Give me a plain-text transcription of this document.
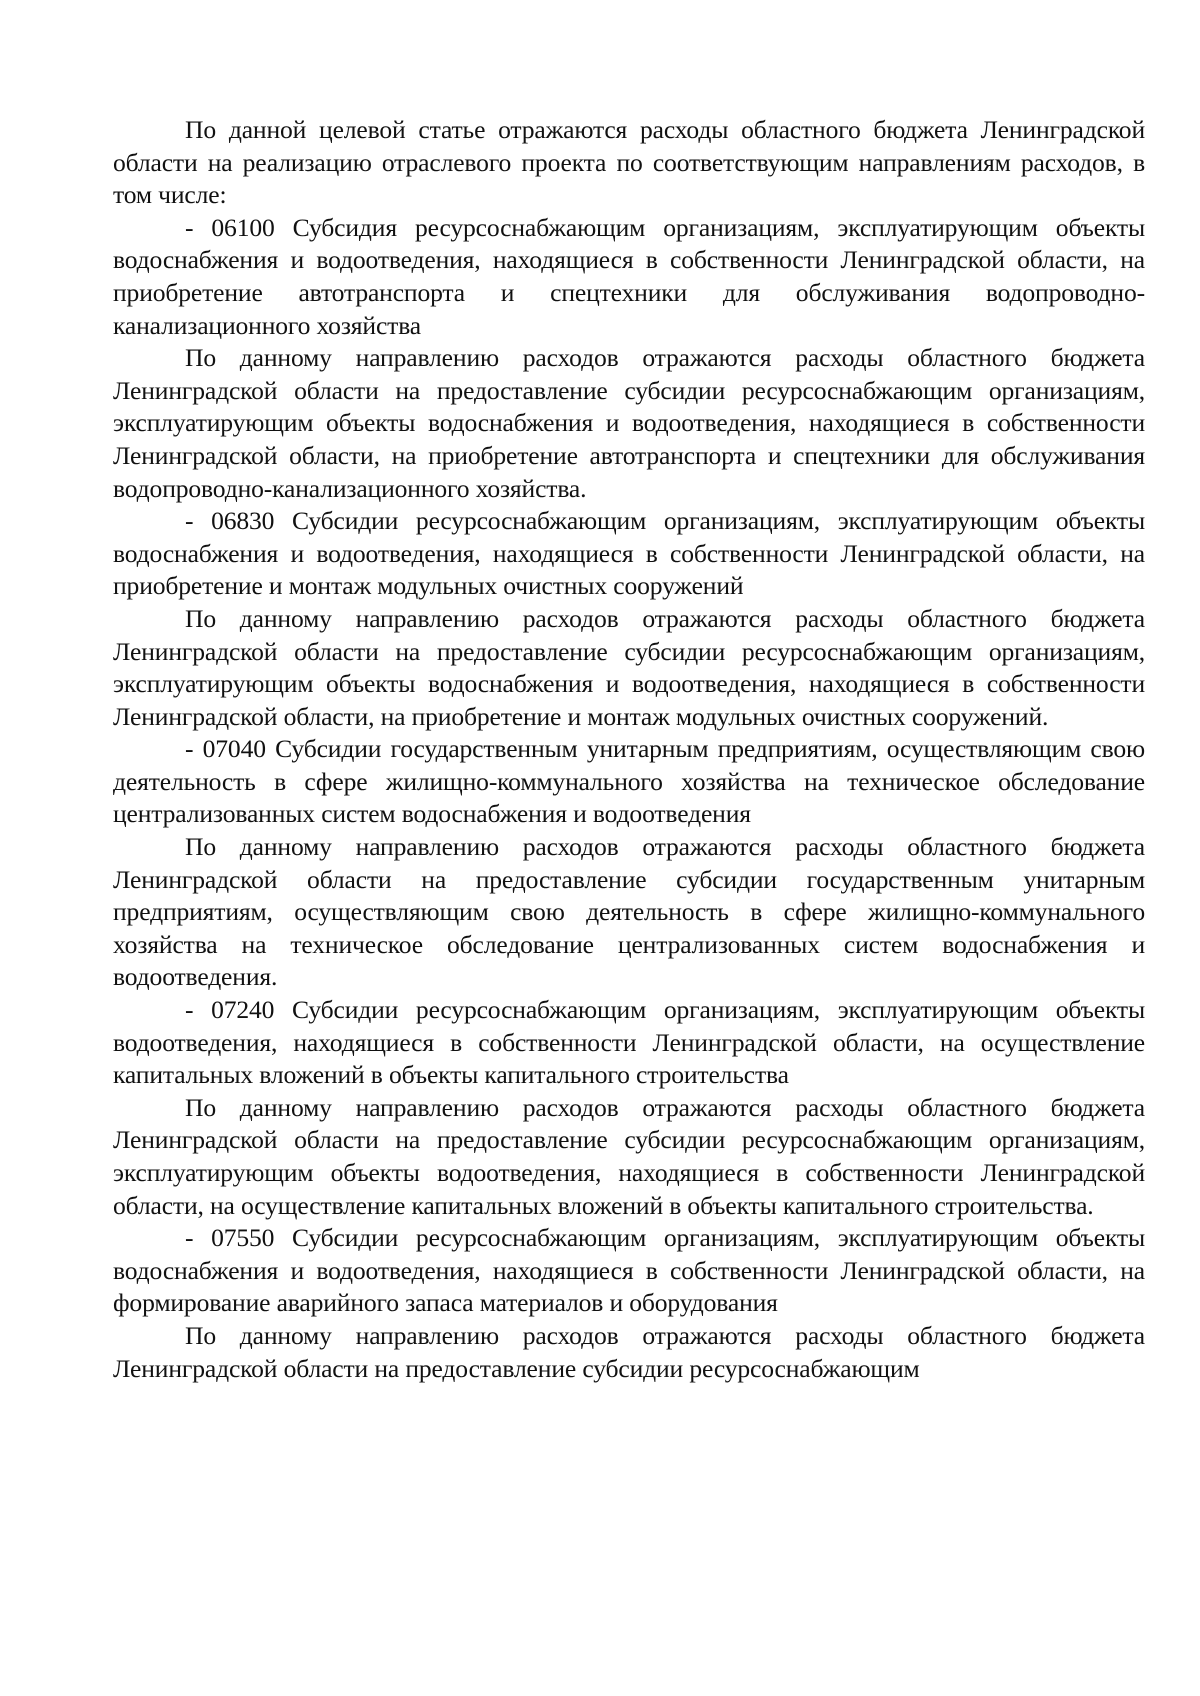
По данной целевой статье отражаются расходы областного бюджета Ленинградской области на реализацию отраслевого проекта по соответствующим направлениям расходов, в том числе:

- 06100 Субсидия ресурсоснабжающим организациям, эксплуатирующим объекты водоснабжения и водоотведения, находящиеся в собственности Ленинградской области, на приобретение автотранспорта и спецтехники для обслуживания водопроводно-канализационного хозяйства

По данному направлению расходов отражаются расходы областного бюджета Ленинградской области на предоставление субсидии ресурсоснабжающим организациям, эксплуатирующим объекты водоснабжения и водоотведения, находящиеся в собственности Ленинградской области, на приобретение автотранспорта и спецтехники для обслуживания водопроводно-канализационного хозяйства.

- 06830 Субсидии ресурсоснабжающим организациям, эксплуатирующим объекты водоснабжения и водоотведения, находящиеся в собственности Ленинградской области, на приобретение и монтаж модульных очистных сооружений

По данному направлению расходов отражаются расходы областного бюджета Ленинградской области на предоставление субсидии ресурсоснабжающим организациям, эксплуатирующим объекты водоснабжения и водоотведения, находящиеся в собственности Ленинградской области, на приобретение и монтаж модульных очистных сооружений.

- 07040 Субсидии государственным унитарным предприятиям, осуществляющим свою деятельность в сфере жилищно-коммунального хозяйства на техническое обследование централизованных систем водоснабжения и водоотведения

По данному направлению расходов отражаются расходы областного бюджета Ленинградской области на предоставление субсидии государственным унитарным предприятиям, осуществляющим свою деятельность в сфере жилищно-коммунального хозяйства на техническое обследование централизованных систем водоснабжения и водоотведения.

- 07240 Субсидии ресурсоснабжающим организациям, эксплуатирующим объекты водоотведения, находящиеся в собственности Ленинградской области, на осуществление капитальных вложений в объекты капитального строительства

По данному направлению расходов отражаются расходы областного бюджета Ленинградской области на предоставление субсидии ресурсоснабжающим организациям, эксплуатирующим объекты водоотведения, находящиеся в собственности Ленинградской области, на осуществление капитальных вложений в объекты капитального строительства.

- 07550 Субсидии ресурсоснабжающим организациям, эксплуатирующим объекты водоснабжения и водоотведения, находящиеся в собственности Ленинградской области, на формирование аварийного запаса материалов и оборудования

По данному направлению расходов отражаются расходы областного бюджета Ленинградской области на предоставление субсидии ресурсоснабжающим
